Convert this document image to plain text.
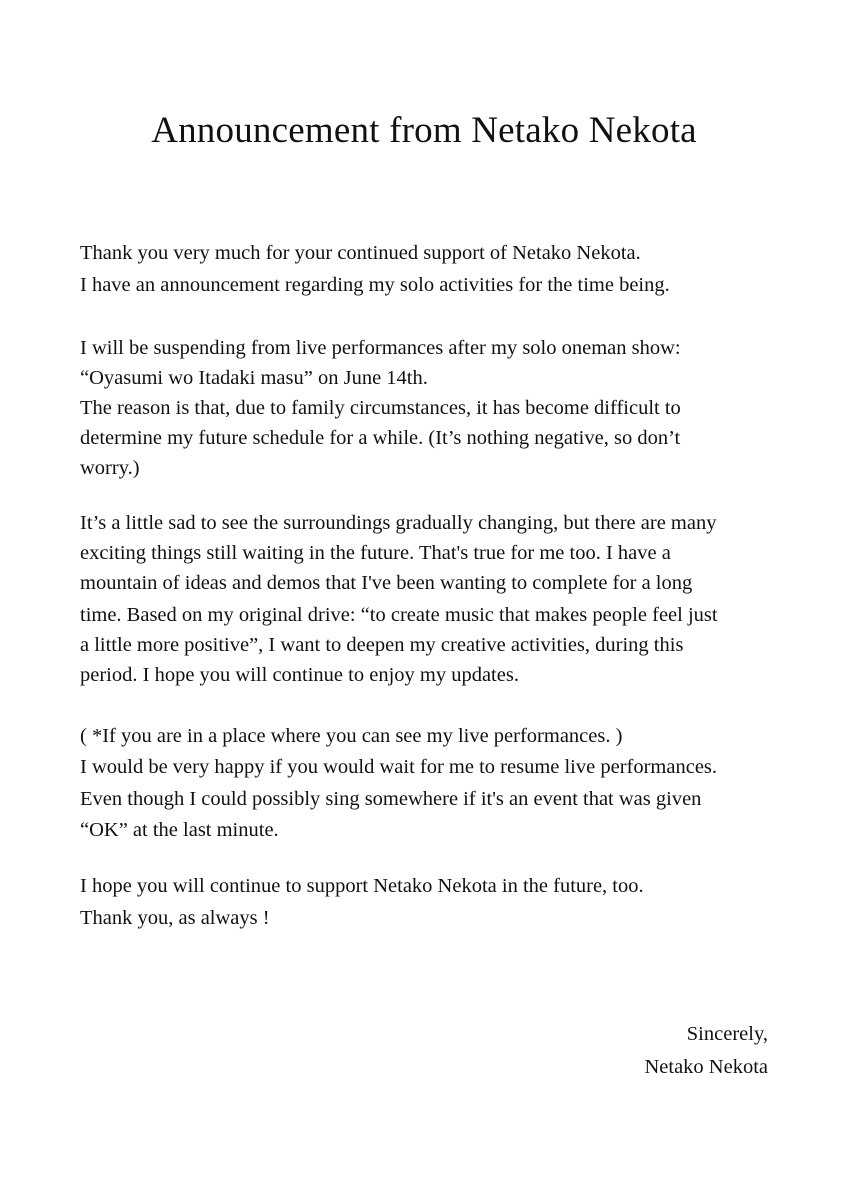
Announcement from Netako Nekota

Thank you very much for your continued support of Netako Nekota.

I have an announcement regarding my solo activities for the time being.

I will be suspending from live performances after my solo oneman show:

“Oyasumi wo Itadaki masu” on June 14th.

The reason is that, due to family circumstances, it has become difficult to

determine my future schedule for a while. (It’s nothing negative, so don’t

worry.)

It’s a little sad to see the surroundings gradually changing, but there are many

exciting things still waiting in the future. That's true for me too. I have a

mountain of ideas and demos that I've been wanting to complete for a long

time. Based on my original drive: “to create music that makes people feel just

a little more positive”, I want to deepen my creative activities, during this

period. I hope you will continue to enjoy my updates.

( *If you are in a place where you can see my live performances. )

I would be very happy if you would wait for me to resume live performances.

Even though I could possibly sing somewhere if it's an event that was given

“OK” at the last minute.

I hope you will continue to support Netako Nekota in the future, too.

Thank you, as always !

Sincerely,

Netako Nekota
